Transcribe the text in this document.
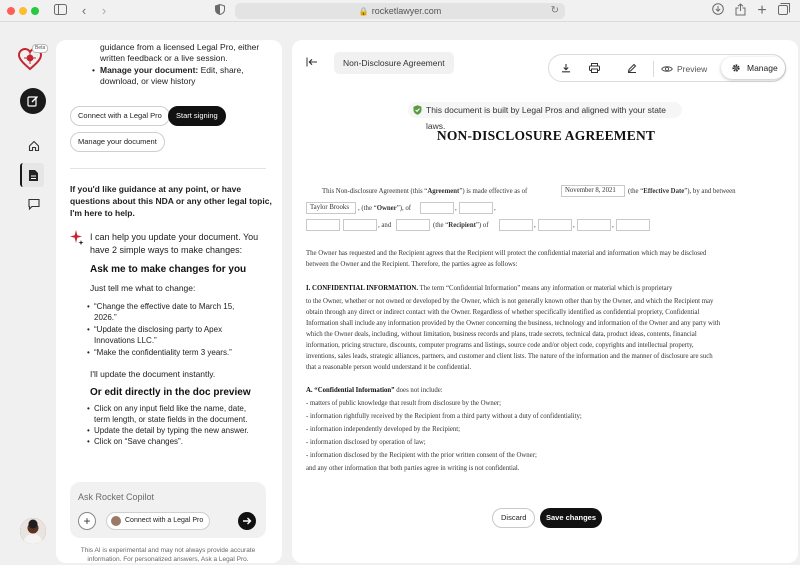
‹	›	🔒 rocketlawyer.com	↻	+
Beta	guidance from a licensed Legal Pro, either
written feedback or a live session.
• Manage your document: Edit, share,
download, or view history
Connect with a Legal Pro	Start signing
Manage your document
If you'd like guidance at any point, or have
questions about this NDA or any other legal topic,
I'm here to help.
I can help you update your document. You
have 2 simple ways to make changes:
Ask me to make changes for you
Just tell me what to change:
• “Change the effective date to March 15,
2026.”
• “Update the disclosing party to Apex
Innovations LLC.”
• “Make the confidentiality term 3 years.”
I'll update the document instantly.
Or edit directly in the doc preview
• Click on any input field like the name, date,
term length, or state fields in the document.
• Update the detail by typing the new answer.
• Click on “Save changes”.
Ask Rocket Copilot
+	Connect with a Legal Pro
This AI is experimental and may not always provide accurate
information. For personalized answers, Ask a Legal Pro.
Non-Disclosure Agreement
Preview	Manage
This document is built by Legal Pros and aligned with your state laws.
NON-DISCLOSURE AGREEMENT
This Non-disclosure Agreement (this “Agreement”) is made effective as of	November 8, 2021	(the “Effective Date”), by and between
Taylor Brooks	, (the “Owner”), of	,	,
, and	(the “Recipient”) of	,	,	,
The Owner has requested and the Recipient agrees that the Recipient will protect the confidential material and information which may be disclosed
between the Owner and the Recipient. Therefore, the parties agree as follows:
I. CONFIDENTIAL INFORMATION. The term “Confidential Information” means any information or material which is proprietary
to the Owner, whether or not owned or developed by the Owner, which is not generally known other than by the Owner, and which the Recipient may
obtain through any direct or indirect contact with the Owner. Regardless of whether specifically identified as confidential propriety, Confidential
Information shall include any information provided by the Owner concerning the business, technology and information of the Owner and any party with
which the Owner deals, including, without limitation, business records and plans, trade secrets, technical data, product ideas, contents, financial
information, pricing structure, discounts, computer programs and listings, source code and/or object code, copyrights and intellectual property,
inventions, sales leads, strategic alliances, partners, and customer and client lists. The nature of the information and the manner of disclosure are such
that a reasonable person would understand it be confidential.
A. “Confidential Information” does not include:
- matters of public knowledge that result from disclosure by the Owner;
- information rightfully received by the Recipient from a third party without a duty of confidentiality;
- information independently developed by the Recipient;
- information disclosed by operation of law;
- information disclosed by the Recipient with the prior written consent of the Owner;
and any other information that both parties agree in writing is not confidential.
Discard	Save changes
